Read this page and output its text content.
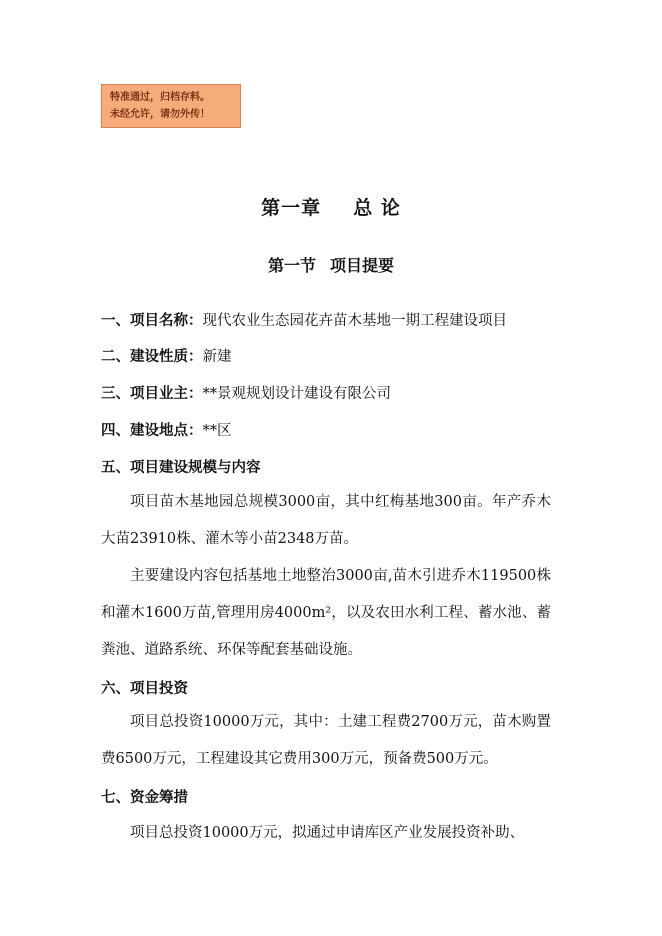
特准通过，归档存料。
未经允许，请勿外传！
第一章 总 论
第一节 项目提要
一、项目名称：现代农业生态园花卉苗木基地一期工程建设项目
二、建设性质：新建
三、项目业主：**景观规划设计建设有限公司
四、建设地点：**区
五、项目建设规模与内容
项目苗木基地园总规模3000亩，其中红梅基地300亩。年产乔木大苗23910株、灌木等小苗2348万苗。
主要建设内容包括基地土地整治3000亩,苗木引进乔木119500株和灌木1600万苗,管理用房4000m²，以及农田水利工程、蓄水池、蓄粪池、道路系统、环保等配套基础设施。
六、项目投资
项目总投资10000万元，其中：土建工程费2700万元，苗木购置费6500万元，工程建设其它费用300万元，预备费500万元。
七、资金筹措
项目总投资10000万元，拟通过申请库区产业发展投资补助、
